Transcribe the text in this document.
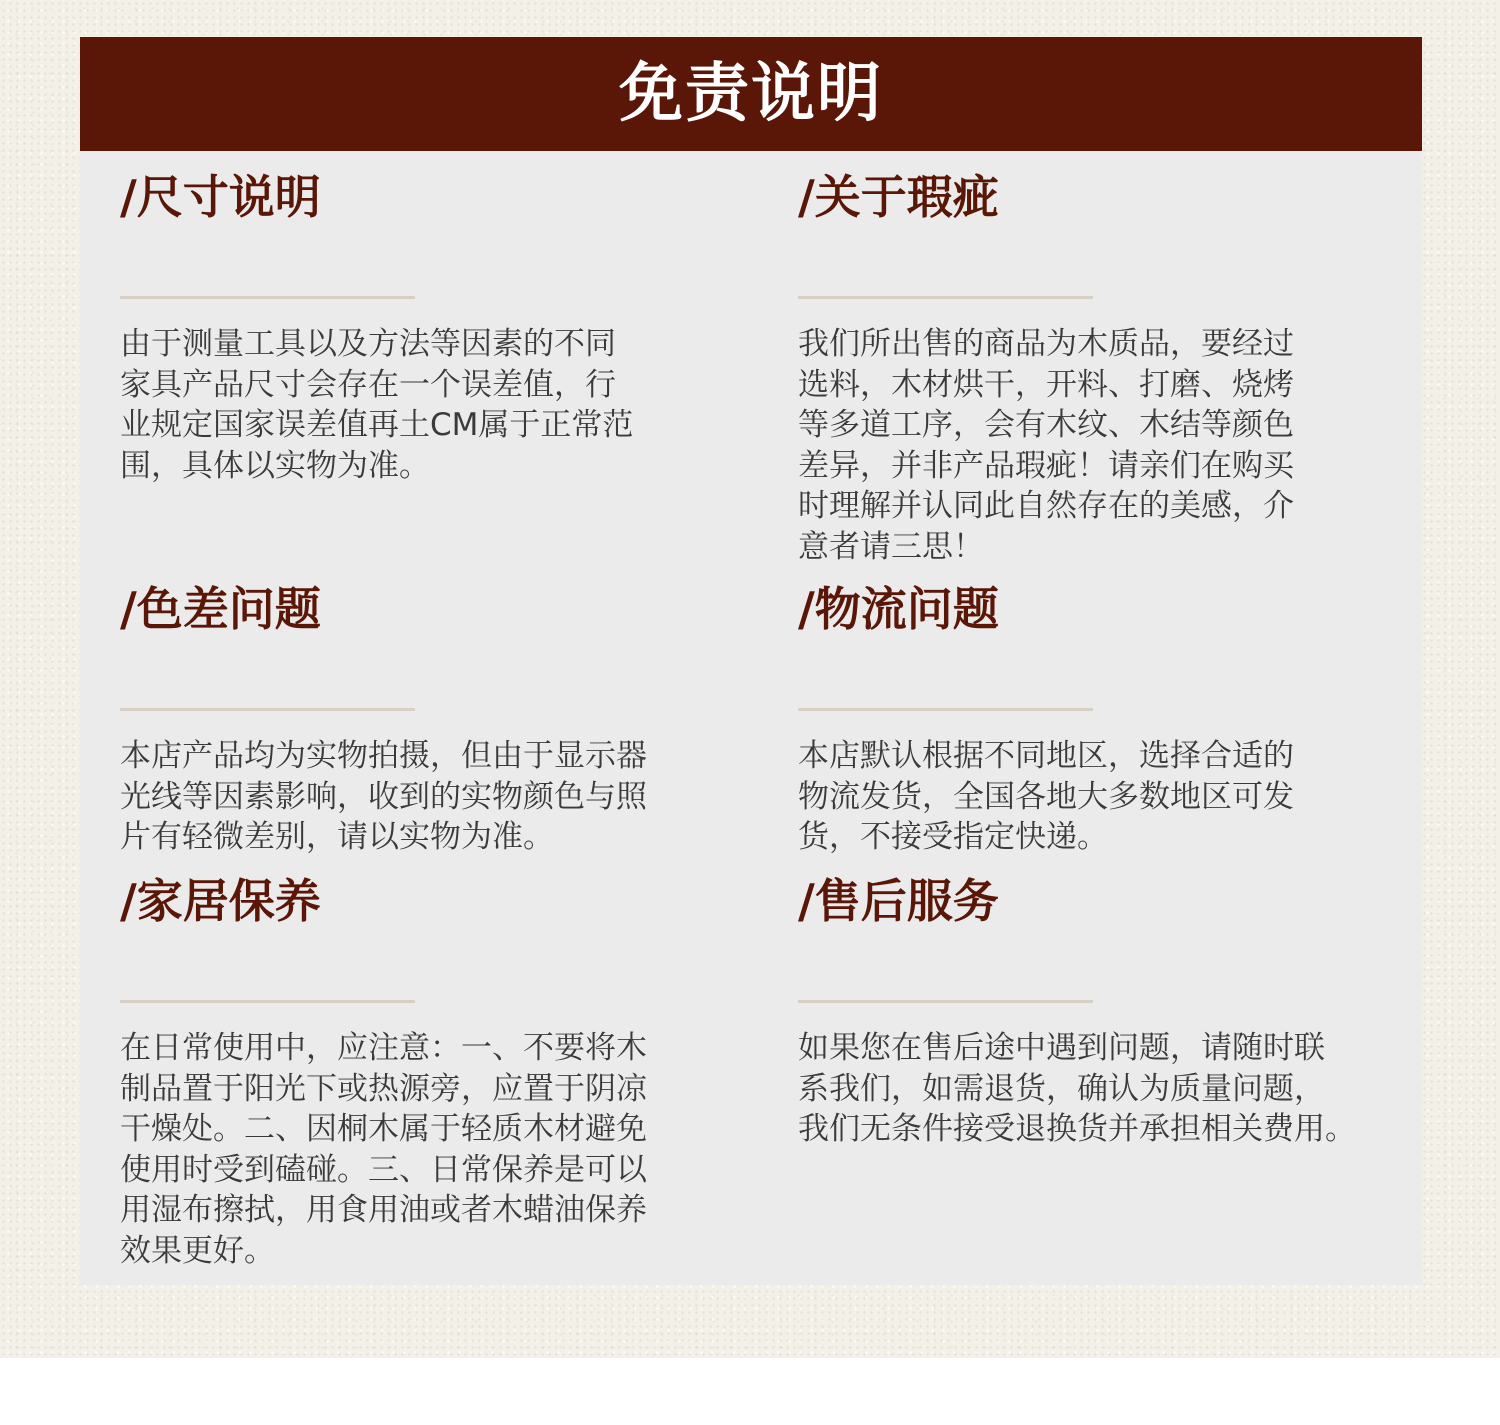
免责说明
/尺寸说明
由于测量工具以及方法等因素的不同
家具产品尺寸会存在一个误差值，行
业规定国家误差值再土CM属于正常范
围，具体以实物为准。
/关于瑕疵
我们所出售的商品为木质品，要经过
选料，木材烘干，开料、打磨、烧烤
等多道工序，会有木纹、木结等颜色
差异，并非产品瑕疵！请亲们在购买
时理解并认同此自然存在的美感，介
意者请三思！
/色差问题
本店产品均为实物拍摄，但由于显示器
光线等因素影响，收到的实物颜色与照
片有轻微差别，请以实物为准。
/物流问题
本店默认根据不同地区，选择合适的
物流发货，全国各地大多数地区可发
货，不接受指定快递。
/家居保养
在日常使用中，应注意：一、不要将木
制品置于阳光下或热源旁，应置于阴凉
干燥处。二、因桐木属于轻质木材避免
使用时受到磕碰。三、日常保养是可以
用湿布擦拭，用食用油或者木蜡油保养
效果更好。
/售后服务
如果您在售后途中遇到问题，请随时联
系我们，如需退货，确认为质量问题，
我们无条件接受退换货并承担相关费用。
